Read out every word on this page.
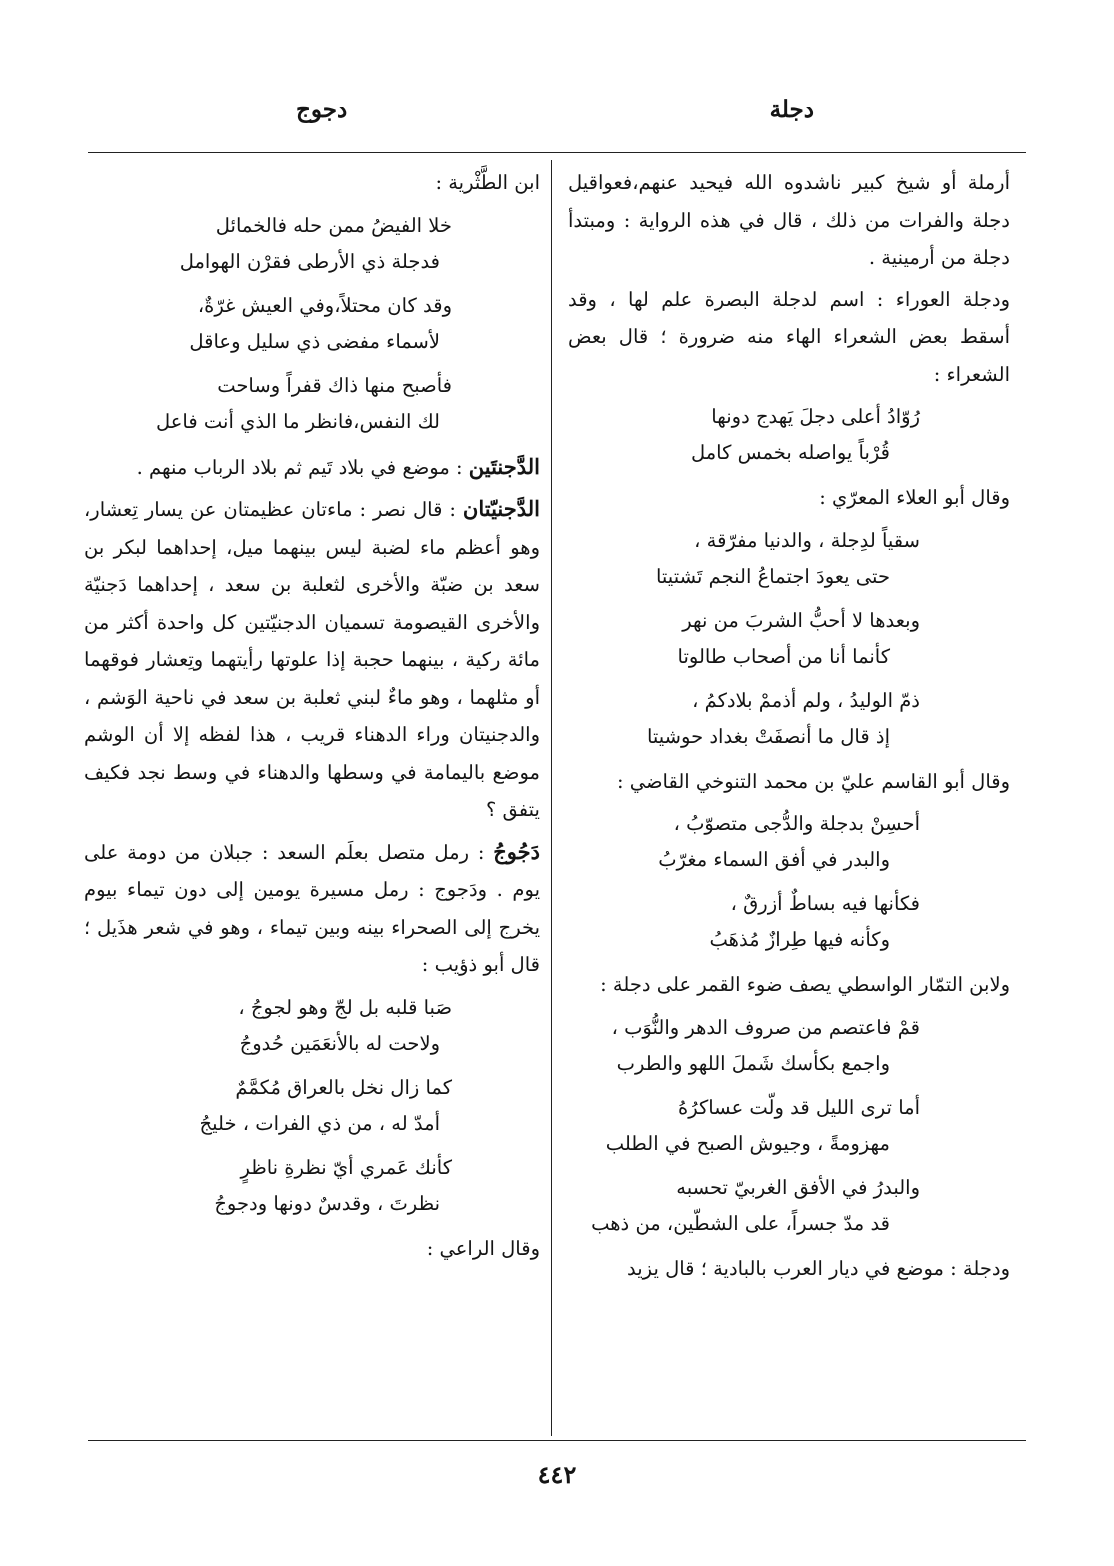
دجلة
دجوج

أرملة أو شيخ كبير ناشدوه الله فيحيد عنهم،فعواقيل دجلة والفرات من ذلك ، قال في هذه الرواية : ومبتدأ دجلة من أرمينية .

ودجلة العوراء : اسم لدجلة البصرة علم لها ، وقد أسقط بعض الشعراء الهاء منه ضرورة ؛ قال بعض الشعراء :

رُوّادُ أعلى دجلَ يَهدج دونها
قُرْباً يواصله بخمس كامل

وقال أبو العلاء المعرّي :

سقياً لدِجلة ، والدنيا مفرّقة ،
حتى يعودَ اجتماعُ النجم تَشتيتا
وبعدها لا أحبُّ الشربَ من نهر
كأنما أنا من أصحاب طالوتا
ذمّ الوليدُ ، ولم أذممْ بلادكمُ ،
إذ قال ما أنصفَتْ بغداد حوشيتا

وقال أبو القاسم عليّ بن محمد التنوخي القاضي :

أحسِنْ بدجلة والدُّجى متصوّبُ ،
والبدر في أفق السماء مغرّبُ
فكأنها فيه بساطٌ أزرقٌ ،
وكأنه فيها طِرازٌ مُذهَبُ

ولابن التمّار الواسطي يصف ضوء القمر على دجلة :

قمْ فاعتصم من صروف الدهر والنُّوَب ،
واجمع بكأسك شَملَ اللهو والطرب
أما ترى الليل قد ولّت عساكرُهُ
مهزومةً ، وجيوش الصبح في الطلب
والبدرُ في الأفق الغربيّ تحسبه
قد مدّ جسراً، على الشطّين، من ذهب

ودجلة : موضع في ديار العرب بالبادية ؛ قال يزيد

ابن الطَّثْرية :

خلا الفيضُ ممن حله فالخمائل
فدجلة ذي الأرطى فقرْن الهوامل
وقد كان محتلاً،وفي العيش غرّةٌ،
لأسماء مفضى ذي سليل وعاقل
فأصبح منها ذاك قفراً وساحت
لك النفس،فانظر ما الذي أنت فاعل

الدَّجنتَين : موضع في بلاد تَيم ثم بلاد الرباب منهم .

الدَّجنيّتان : قال نصر : ماءتان عظيمتان عن يسار تِعشار، وهو أعظم ماء لضبة ليس بينهما ميل، إحداهما لبكر بن سعد بن ضبّة والأخرى لثعلبة بن سعد ، إحداهما دَجنيّة والأخرى القيصومة تسميان الدجنيّتين كل واحدة أكثر من مائة ركية ، بينهما حجبة إذا علوتها رأيتهما وتِعشار فوقهما أو مثلهما ، وهو ماءٌ لبني ثعلبة بن سعد في ناحية الوَشم ، والدجنيتان وراء الدهناء قريب ، هذا لفظه إلا أن الوشم موضع باليمامة في وسطها والدهناء في وسط نجد فكيف يتفق ؟

دَجُوجُ : رمل متصل بعلَم السعد : جبلان من دومة على يوم . ودَجوج : رمل مسيرة يومين إلى دون تيماء بيوم يخرج إلى الصحراء بينه وبين تيماء ، وهو في شعر هذَيل ؛ قال أبو ذؤيب :

صَبا قلبه بل لجّ وهو لجوجُ ،
ولاحت له بالأنعَمَين حُدوجُ
كما زال نخل بالعراق مُكمَّمٌ
أمدّ له ، من ذي الفرات ، خليجُ
كأنك عَمري أيّ نظرةِ ناظرٍ
نظرتَ ، وقدسٌ دونها ودجوجُ

وقال الراعي :

٤٤٢
